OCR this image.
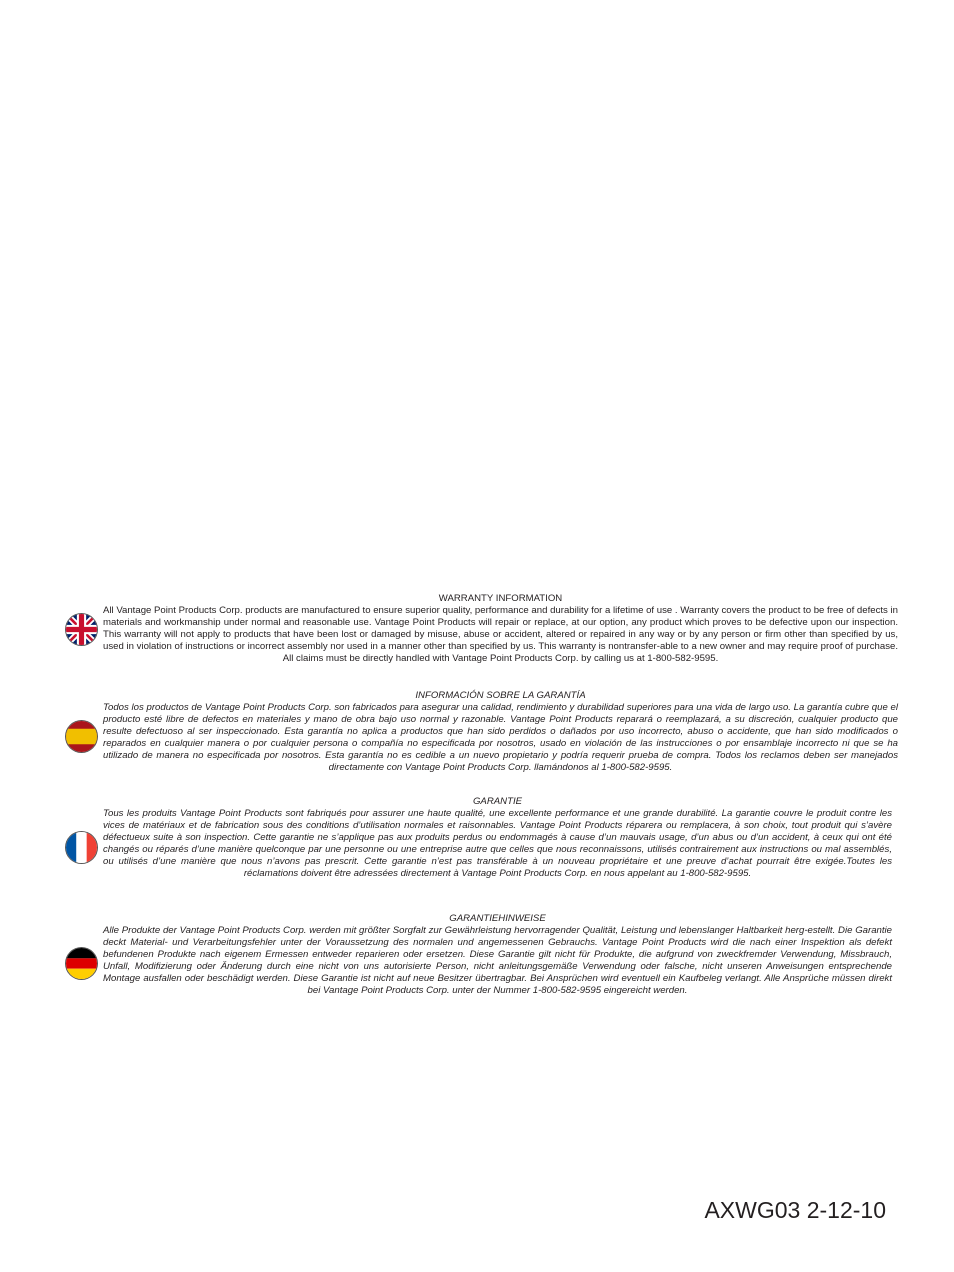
WARRANTY INFORMATION

All Vantage Point Products Corp. products are manufactured to ensure superior quality, performance and durability for a lifetime of use . Warranty covers the product to be free of defects in materials and workmanship under normal and reasonable use. Vantage Point Products will repair or replace, at our option, any product which proves to be defective upon our inspection. This warranty will not apply to products that have been lost or damaged by misuse, abuse or accident, altered or repaired in any way or by any person or firm other than specified by us, used in violation of instructions or incorrect assembly nor used in a manner other than specified by us. This warranty is nontransfer-able to a new owner and may require proof of purchase. All claims must be directly handled with Vantage Point Products Corp. by calling us at 1-800-582-9595.

INFORMACIÓN SOBRE LA GARANTÍA

Todos los productos de Vantage Point Products Corp. son fabricados para asegurar una calidad, rendimiento y durabilidad superiores para una vida de largo uso. La garantía cubre que el producto esté libre de defectos en materiales y mano de obra bajo uso normal y razonable. Vantage Point Products reparará o reemplazará, a su discreción, cualquier producto que resulte defectuoso al ser inspeccionado. Esta garantía no aplica a productos que han sido perdidos o dañados por uso incorrecto, abuso o accidente, que han sido modificados o reparados en cualquier manera o por cualquier persona o compañía no especificada por nosotros, usado en violación de las instrucciones o por ensamblaje incorrecto ni que se ha utilizado de manera no especificada por nosotros. Esta garantía no es cedible a un nuevo propietario y podría requerir prueba de compra. Todos los reclamos deben ser manejados directamente con Vantage Point Products Corp. llamándonos al 1-800-582-9595.

GARANTIE

Tous les produits Vantage Point Products sont fabriqués pour assurer une haute qualité, une excellente performance et une grande durabilité. La garantie couvre le produit contre les vices de matériaux et de fabrication sous des conditions d’utilisation normales et raisonnables. Vantage Point Products réparera ou remplacera, à son choix, tout produit qui s’avère défectueux suite à son inspection. Cette garantie ne s’applique pas aux produits perdus ou endommagés à cause d’un mauvais usage, d’un abus ou d’un accident, à ceux qui ont été changés ou réparés d’une manière quelconque par une personne ou une entreprise autre que celles que nous reconnaissons, utilisés contrairement aux instructions ou mal assemblés, ou utilisés d’une manière que nous n’avons pas prescrit. Cette garantie n’est pas transférable à un nouveau propriétaire et une preuve d’achat pourrait être exigée.Toutes les réclamations doivent être adressées directement à Vantage Point Products Corp. en nous appelant au 1-800-582-9595.

GARANTIEHINWEISE

Alle Produkte der Vantage Point Products Corp. werden mit größter Sorgfalt zur Gewährleistung hervorragender Qualität, Leistung und lebenslanger Haltbarkeit herg-estellt. Die Garantie deckt Material- und Verarbeitungsfehler unter der Voraussetzung des normalen und angemessenen Gebrauchs. Vantage Point Products wird die nach einer Inspektion als defekt befundenen Produkte nach eigenem Ermessen entweder reparieren oder ersetzen. Diese Garantie gilt nicht für Produkte, die aufgrund von zweckfremder Verwendung, Missbrauch, Unfall, Modifizierung oder Änderung durch eine nicht von uns autorisierte Person, nicht anleitungsgemäße Verwendung oder falsche, nicht unseren Anweisungen entsprechende Montage ausfallen oder beschädigt werden. Diese Garantie ist nicht auf neue Besitzer übertragbar. Bei Ansprüchen wird eventuell ein Kaufbeleg verlangt. Alle Ansprüche müssen direkt bei Vantage Point Products Corp. unter der Nummer 1-800-582-9595 eingereicht werden.

AXWG03 2-12-10
